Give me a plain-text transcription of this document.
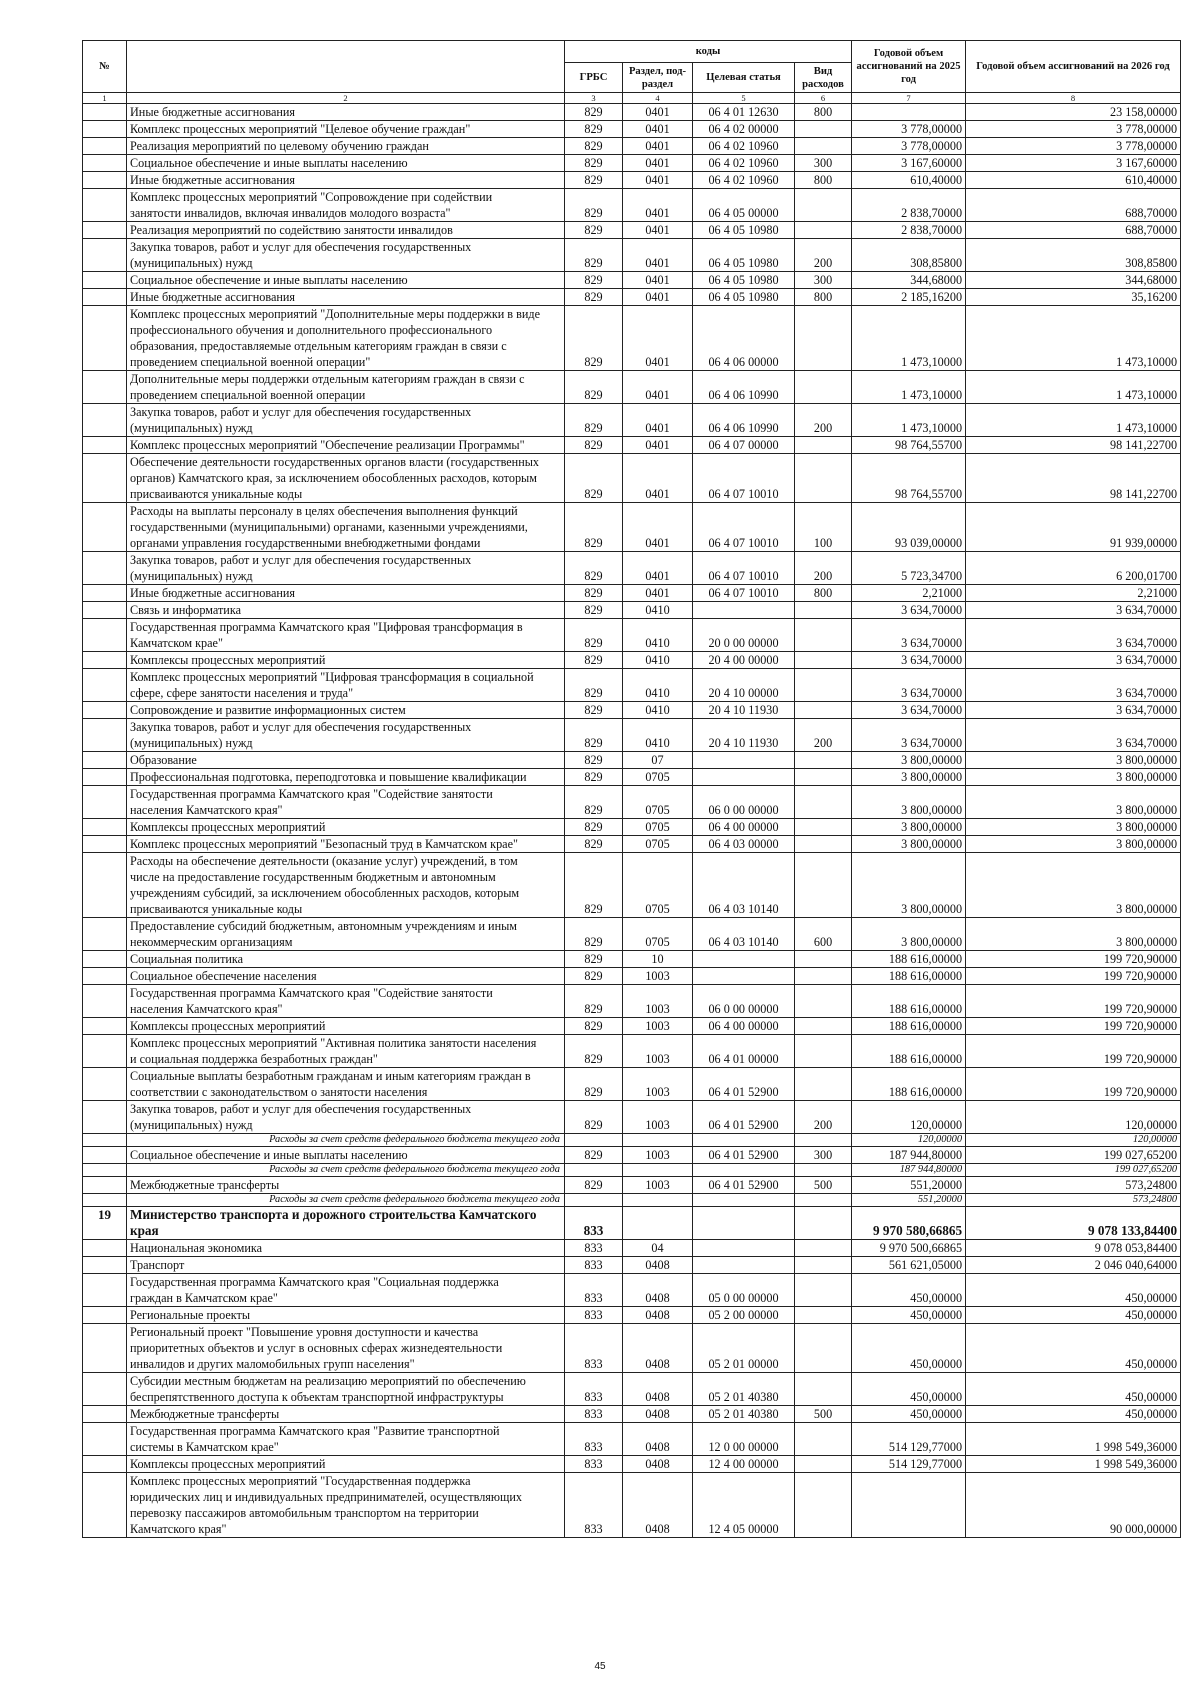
№		коды				Годовой объем ассигнований на 2025 год	Годовой объем ассигнований на 2026 год
		ГРБС	Раздел, под-раздел	Целевая статья	Вид расходов		
1	2	3	4	5	6	7	8
	Иные бюджетные ассигнования	829	0401	06 4 01 12630	800		23 158,00000
	Комплекс процессных мероприятий "Целевое обучение граждан"	829	0401	06 4 02 00000		3 778,00000	3 778,00000
	Реализация мероприятий по целевому обучению граждан	829	0401	06 4 02 10960		3 778,00000	3 778,00000
	Социальное обеспечение и иные выплаты населению	829	0401	06 4 02 10960	300	3 167,60000	3 167,60000
	Иные бюджетные ассигнования	829	0401	06 4 02 10960	800	610,40000	610,40000
	Комплекс процессных мероприятий "Сопровождение при содействии
занятости инвалидов, включая инвалидов молодого возраста"	829	0401	06 4 05 00000		2 838,70000	688,70000
	Реализация мероприятий по содействию занятости инвалидов	829	0401	06 4 05 10980		2 838,70000	688,70000
	Закупка товаров, работ и услуг для обеспечения государственных
(муниципальных) нужд	829	0401	06 4 05 10980	200	308,85800	308,85800
	Социальное обеспечение и иные выплаты населению	829	0401	06 4 05 10980	300	344,68000	344,68000
	Иные бюджетные ассигнования	829	0401	06 4 05 10980	800	2 185,16200	35,16200
	Комплекс процессных мероприятий "Дополнительные меры поддержки в виде
профессионального обучения и дополнительного профессионального
образования, предоставляемые отдельным категориям граждан в связи с
проведением специальной военной операции"	829	0401	06 4 06 00000		1 473,10000	1 473,10000
	Дополнительные меры поддержки отдельным категориям граждан в связи с
проведением специальной военной операции	829	0401	06 4 06 10990		1 473,10000	1 473,10000
	Закупка товаров, работ и услуг для обеспечения государственных
(муниципальных) нужд	829	0401	06 4 06 10990	200	1 473,10000	1 473,10000
	Комплекс процессных мероприятий "Обеспечение реализации Программы"	829	0401	06 4 07 00000		98 764,55700	98 141,22700
	Обеспечение деятельности государственных органов власти (государственных
органов) Камчатского края, за исключением обособленных расходов, которым
присваиваются уникальные коды	829	0401	06 4 07 10010		98 764,55700	98 141,22700
	Расходы на выплаты персоналу в целях обеспечения выполнения функций
государственными (муниципальными) органами, казенными учреждениями,
органами управления государственными внебюджетными фондами	829	0401	06 4 07 10010	100	93 039,00000	91 939,00000
	Закупка товаров, работ и услуг для обеспечения государственных
(муниципальных) нужд	829	0401	06 4 07 10010	200	5 723,34700	6 200,01700
	Иные бюджетные ассигнования	829	0401	06 4 07 10010	800	2,21000	2,21000
	Связь и информатика	829	0410			3 634,70000	3 634,70000
	Государственная программа Камчатского края "Цифровая трансформация в
Камчатском крае"	829	0410	20 0 00 00000		3 634,70000	3 634,70000
	Комплексы процессных мероприятий	829	0410	20 4 00 00000		3 634,70000	3 634,70000
	Комплекс процессных мероприятий "Цифровая трансформация в социальной
сфере, сфере занятости населения и труда"	829	0410	20 4 10 00000		3 634,70000	3 634,70000
	Сопровождение и развитие информационных систем	829	0410	20 4 10 11930		3 634,70000	3 634,70000
	Закупка товаров, работ и услуг для обеспечения государственных
(муниципальных) нужд	829	0410	20 4 10 11930	200	3 634,70000	3 634,70000
	Образование	829	07			3 800,00000	3 800,00000
	Профессиональная подготовка, переподготовка и повышение квалификации	829	0705			3 800,00000	3 800,00000
	Государственная программа Камчатского края "Содействие занятости
населения Камчатского края"	829	0705	06 0 00 00000		3 800,00000	3 800,00000
	Комплексы процессных мероприятий	829	0705	06 4 00 00000		3 800,00000	3 800,00000
	Комплекс процессных мероприятий "Безопасный труд в Камчатском крае"	829	0705	06 4 03 00000		3 800,00000	3 800,00000
	Расходы на обеспечение деятельности (оказание услуг) учреждений, в том
числе на предоставление государственным бюджетным и автономным
учреждениям субсидий, за исключением обособленных расходов, которым
присваиваются уникальные коды	829	0705	06 4 03 10140		3 800,00000	3 800,00000
	Предоставление субсидий бюджетным, автономным учреждениям и иным
некоммерческим организациям	829	0705	06 4 03 10140	600	3 800,00000	3 800,00000
	Социальная политика	829	10			188 616,00000	199 720,90000
	Социальное обеспечение населения	829	1003			188 616,00000	199 720,90000
	Государственная программа Камчатского края "Содействие занятости
населения Камчатского края"	829	1003	06 0 00 00000		188 616,00000	199 720,90000
	Комплексы процессных мероприятий	829	1003	06 4 00 00000		188 616,00000	199 720,90000
	Комплекс процессных мероприятий "Активная политика занятости населения
и социальная поддержка безработных граждан"	829	1003	06 4 01 00000		188 616,00000	199 720,90000
	Социальные выплаты безработным гражданам и иным категориям граждан в
соответствии с законодательством о занятости населения	829	1003	06 4 01 52900		188 616,00000	199 720,90000
	Закупка товаров, работ и услуг для обеспечения государственных
(муниципальных) нужд	829	1003	06 4 01 52900	200	120,00000	120,00000
	Расходы за счет средств федерального бюджета текущего года					120,00000	120,00000
	Социальное обеспечение и иные выплаты населению	829	1003	06 4 01 52900	300	187 944,80000	199 027,65200
	Расходы за счет средств федерального бюджета текущего года					187 944,80000	199 027,65200
	Межбюджетные трансферты	829	1003	06 4 01 52900	500	551,20000	573,24800
	Расходы за счет средств федерального бюджета текущего года					551,20000	573,24800
19	Министерство транспорта и дорожного строительства Камчатского края	833				9 970 580,66865	9 078 133,84400
	Национальная экономика	833	04			9 970 500,66865	9 078 053,84400
	Транспорт	833	0408			561 621,05000	2 046 040,64000
	Государственная программа Камчатского края "Социальная поддержка
граждан в Камчатском крае"	833	0408	05 0 00 00000		450,00000	450,00000
	Региональные проекты	833	0408	05 2 00 00000		450,00000	450,00000
	Региональный проект "Повышение уровня доступности и качества
приоритетных объектов и услуг в основных сферах жизнедеятельности
инвалидов и других маломобильных групп населения"	833	0408	05 2 01 00000		450,00000	450,00000
	Субсидии местным бюджетам на реализацию мероприятий по обеспечению
беспрепятственного доступа к объектам транспортной инфраструктуры	833	0408	05 2 01 40380		450,00000	450,00000
	Межбюджетные трансферты	833	0408	05 2 01 40380	500	450,00000	450,00000
	Государственная программа Камчатского края "Развитие транспортной
системы в Камчатском крае"	833	0408	12 0 00 00000		514 129,77000	1 998 549,36000
	Комплексы процессных мероприятий	833	0408	12 4 00 00000		514 129,77000	1 998 549,36000
	Комплекс процессных мероприятий "Государственная поддержка
юридических лиц и индивидуальных предпринимателей, осуществляющих
перевозку пассажиров автомобильным транспортом на территории
Камчатского края"	833	0408	12 4 05 00000			90 000,00000
45
